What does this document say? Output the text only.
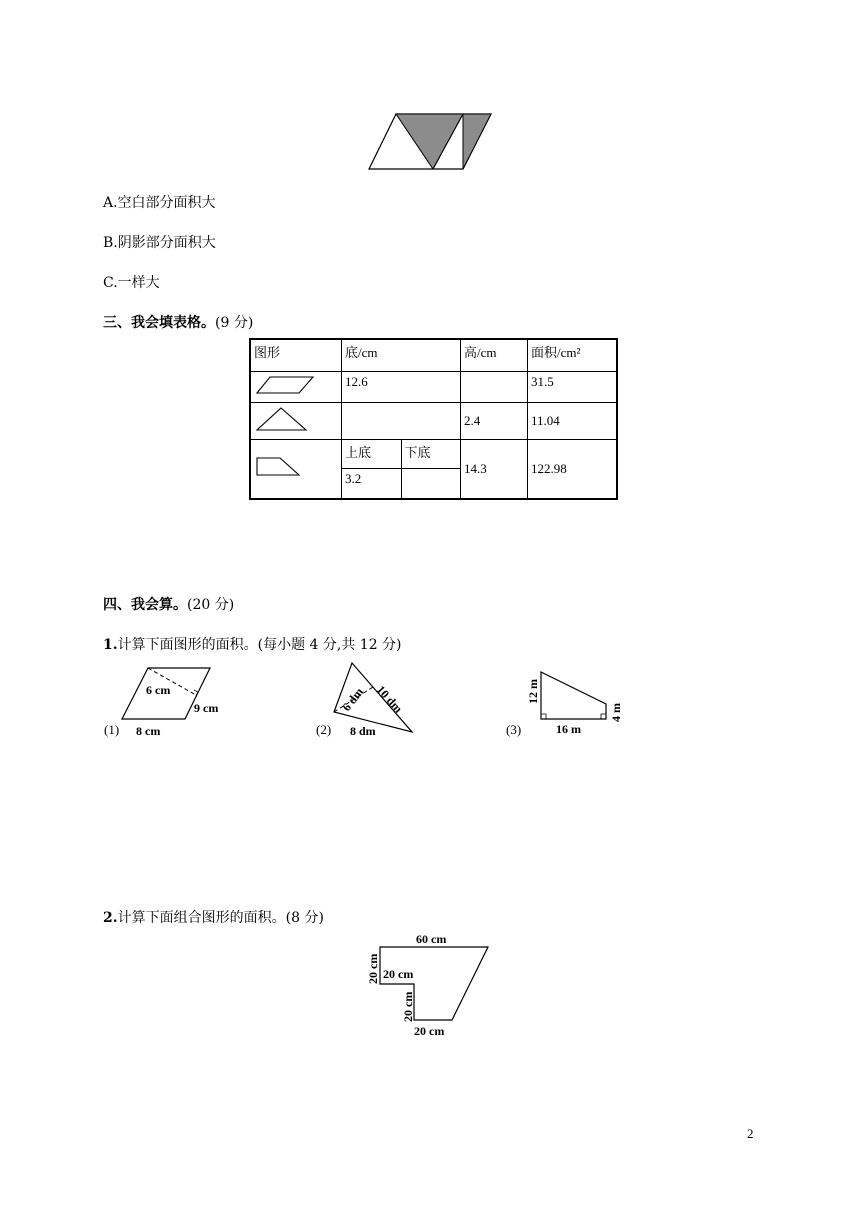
A.空白部分面积大
B.阴影部分面积大
C.一样大
三、我会填表格。(9 分)
图形	底/cm		高/cm	面积/cm²
	12.6			31.5
		2.4	11.04
	上底	下底	14.3	122.98
	3.2			
四、我会算。(20 分)
1.计算下面图形的面积。(每小题 4 分,共 12 分)
(1)
6 cm
9 cm
8 cm	(2)
10 dm
6 dm
8 dm	(3)
12 m
4 m
16 m
2.计算下面组合图形的面积。(8 分)
60 cm
20 cm 20 cm
20 cm
20 cm
2
